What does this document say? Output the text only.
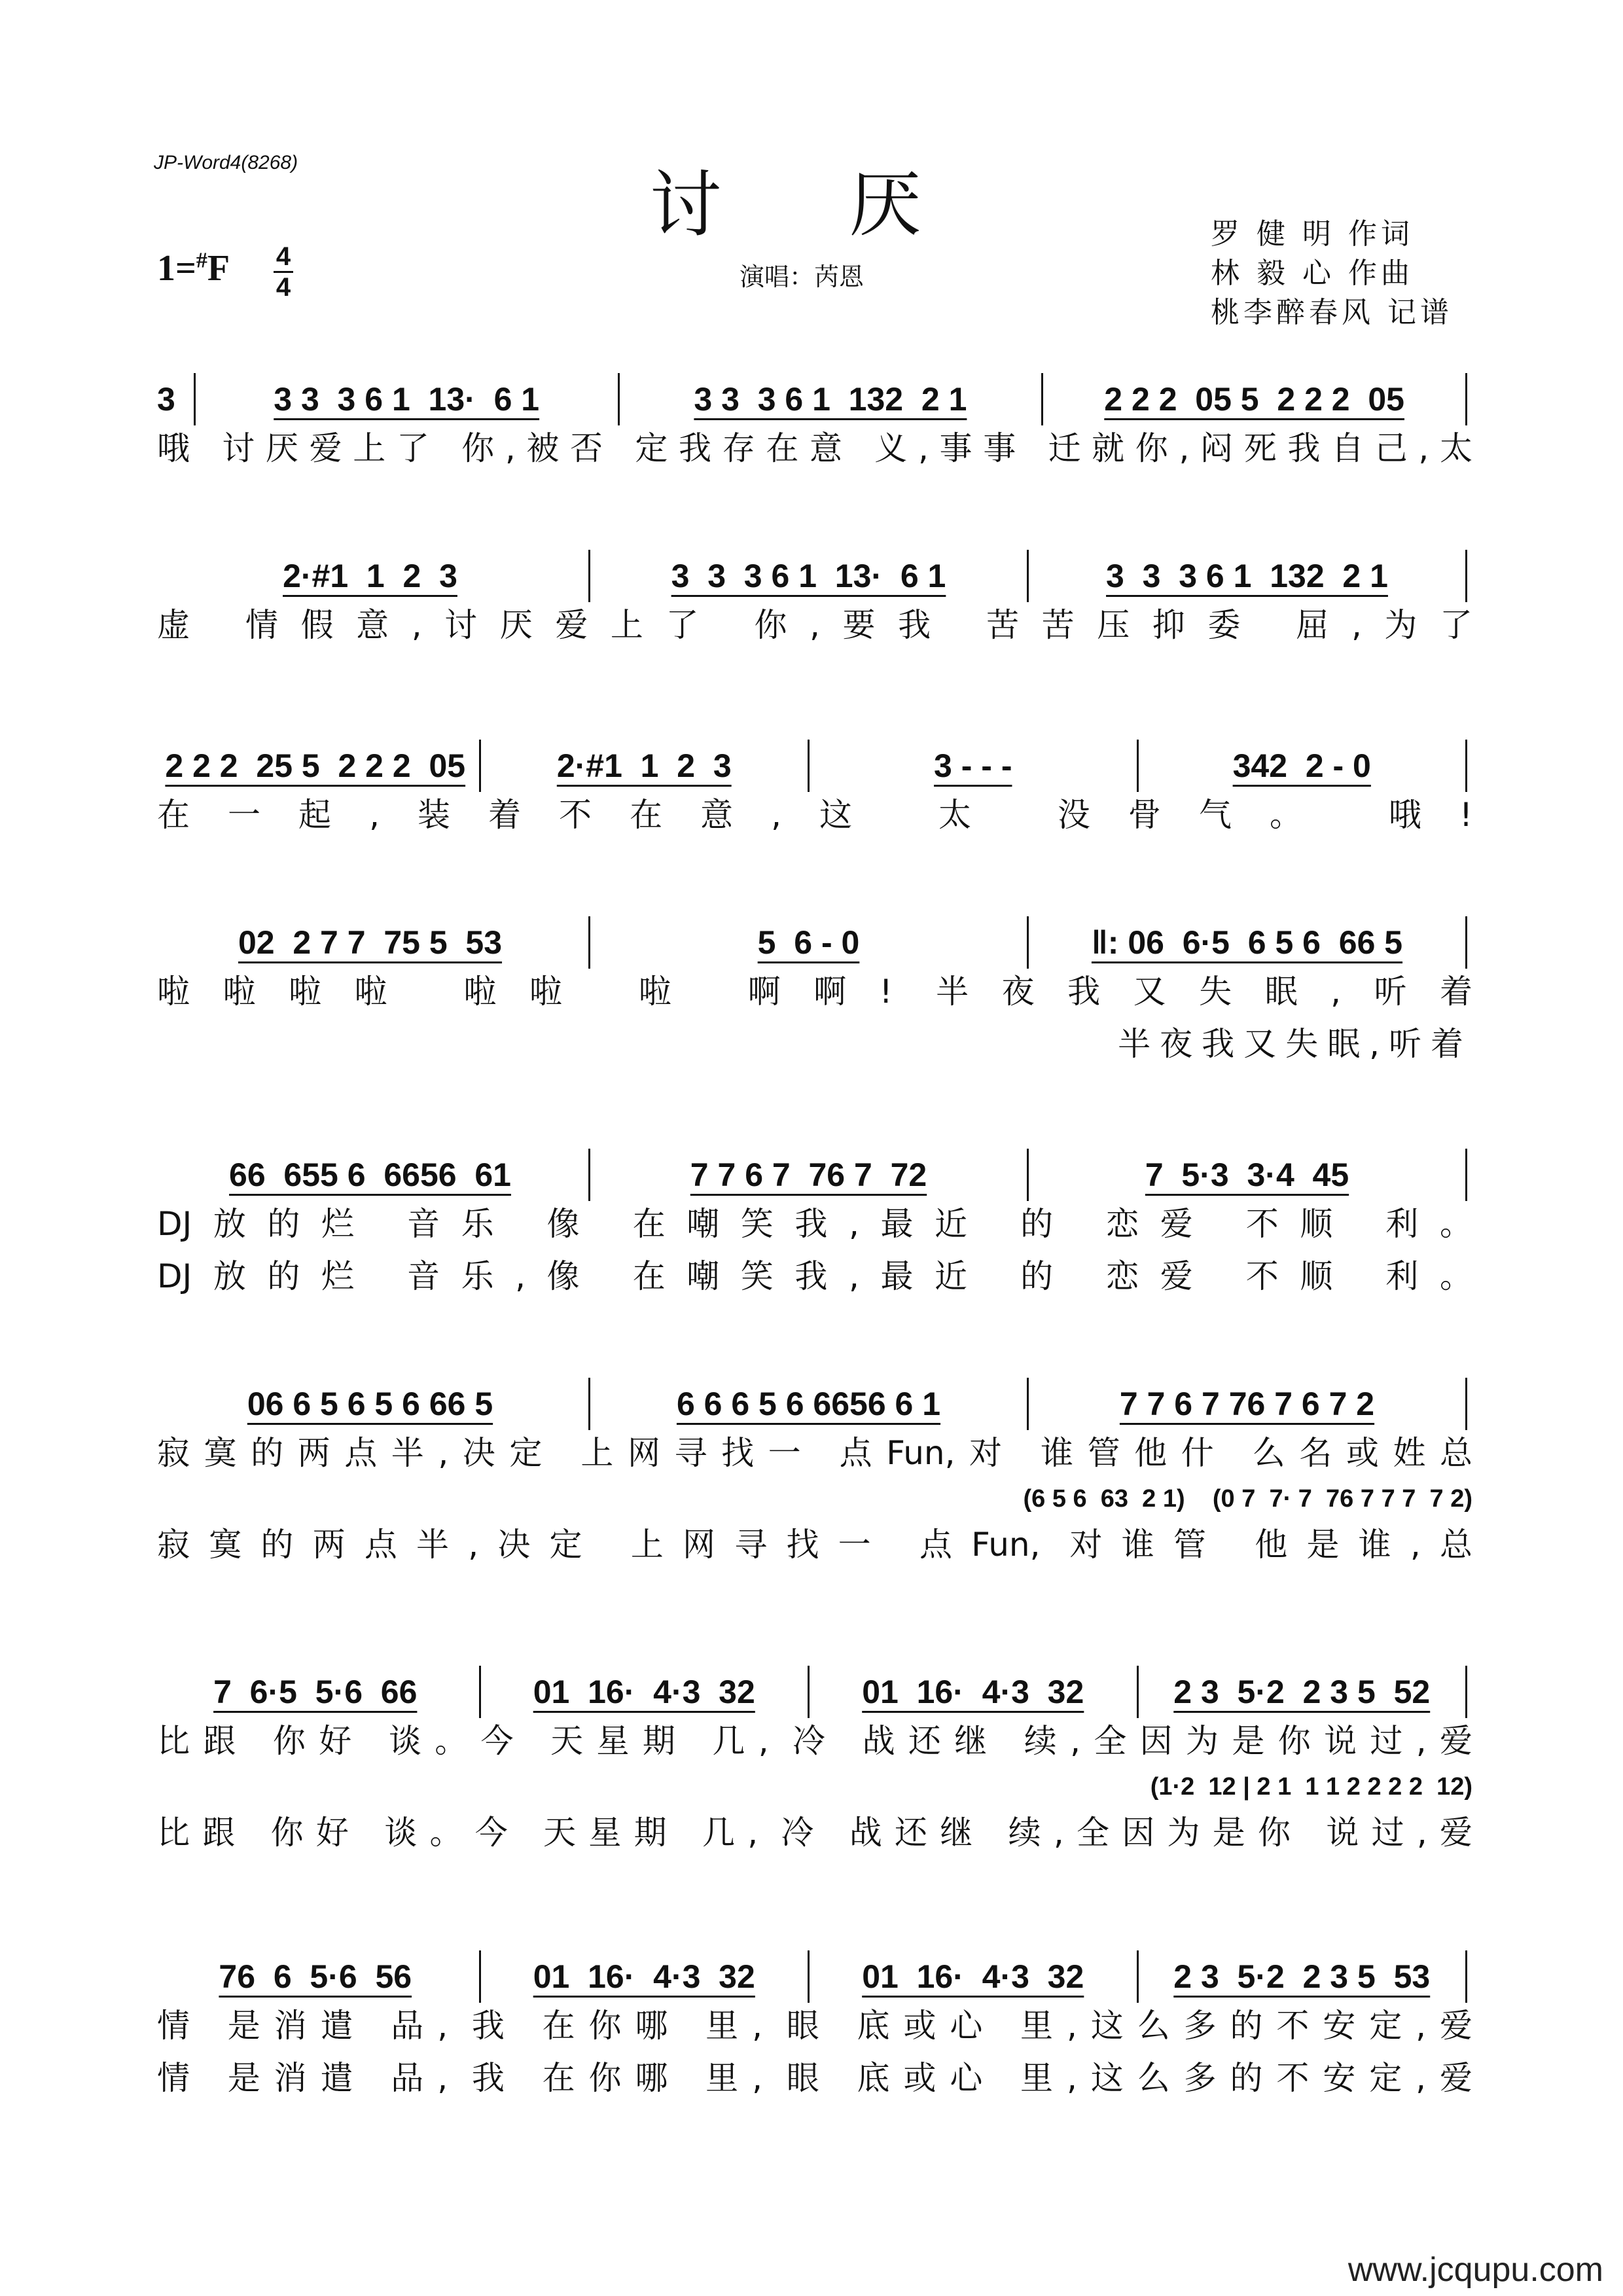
JP-Word4(8268)
讨 厌
1=#F 4
4	演唱：芮恩
罗 健 明 作词
林 毅 心 作曲
桃李醉春风 记谱
3	3 3  3 6 1  13·  6 1	3 3  3 6 1  132  2 1	2 2 2  05 5  2 2 2  05
哦 讨厌爱上了 你,被否 定我存在意 义,事事 迁就你,闷死我自己,太
2·#1  1  2  3	3  3  3 6 1  13·  6 1	3  3  3 6 1  132  2 1
虚 情假意,讨厌爱上了 你,要我 苦苦压抑委 屈,为了
2 2 2  25 5  2 2 2  05	2·#1  1  2  3	3 - - -	342  2 - 0
在一起,装着不在意,这 太 没骨气。 哦!
02  2 7 7  75 5  53	5  6 - 0	‖: 06  6·5  6 5 6  66 5
啦啦啦啦 啦啦 啦 啊啊! 半夜我又失眠,听着
半夜我又失眠,听着
66  655 6  6656  61	7 7 6 7  76 7  72	7  5·3  3·4  45
DJ放的烂 音乐 像 在嘲笑我,最近 的 恋爱 不顺 利。
DJ放的烂 音乐,像 在嘲笑我,最近 的 恋爱 不顺 利。
06 6 5 6 5 6 66 5	6 6 6 5 6 6656 6 1	7 7 6 7 76 7 6 7 2
寂寞的两点半,决定 上网寻找一 点Fun,对 谁管他什 么名或姓总
(6 5 6  63  2 1)    (0 7  7· 7  76 7 7 7  7 2)
寂寞的两点半,决定 上网寻找一 点Fun, 对谁管 他是谁,总
7  6·5  5·6  66	01  16·  4·3  32	01  16·  4·3  32	2 3  5·2  2 3 5  52
比跟 你好 谈。今 天星期 几, 冷 战还继 续,全因为是你说过,爱
(1·2  12 | 2 1  1 1 2 2 2 2  12)
比跟 你好 谈。今 天星期 几, 冷 战还继 续,全因为是你 说过,爱
76  6  5·6  56	01  16·  4·3  32	01  16·  4·3  32	2 3  5·2  2 3 5  53
情 是消遣 品, 我 在你哪 里, 眼 底或心 里,这么多的不安定,爱
情 是消遣 品, 我 在你哪 里, 眼 底或心 里,这么多的不安定,爱
www.jcqupu.com
